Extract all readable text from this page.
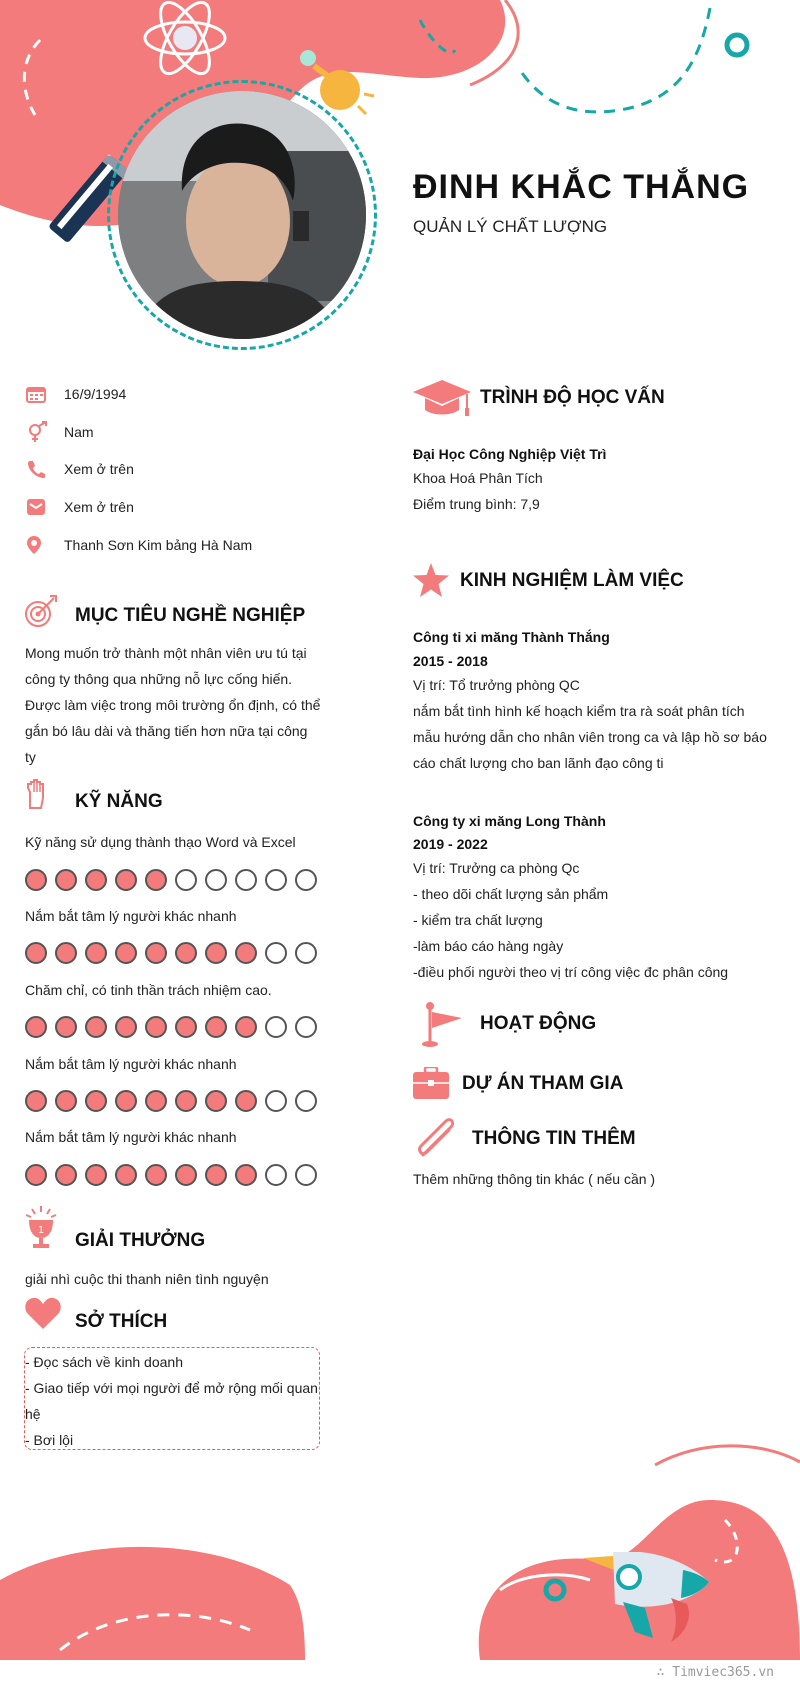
ĐINH KHẮC THẮNG
QUẢN LÝ CHẤT LƯỢNG
16/9/1994
Nam
Xem ở trên
Xem ở trên
Thanh Sơn Kim bảng Hà Nam
MỤC TIÊU NGHỀ NGHIỆP
Mong muốn trở thành một nhân viên ưu tú tại
công ty thông qua những nỗ lực cống hiến.
Được làm việc trong môi trường ổn định, có thể
gắn bó lâu dài và thăng tiến hơn nữa tại công
ty
KỸ NĂNG
Kỹ năng sử dụng thành thạo Word và Excel
Nắm bắt tâm lý người khác nhanh
Chăm chỉ, có tinh thần trách nhiệm cao.
Nắm bắt tâm lý người khác nhanh
Nắm bắt tâm lý người khác nhanh
1 GIẢI THƯỞNG
giải nhì cuộc thi thanh niên tình nguyện
SỞ THÍCH
- Đọc sách về kinh doanh
- Giao tiếp với mọi người để mở rộng mối quan
hệ
- Bơi lội
TRÌNH ĐỘ HỌC VẤN
Đại Học Công Nghiệp Việt Trì
Khoa Hoá Phân Tích
Điểm trung bình: 7,9
KINH NGHIỆM LÀM VIỆC
Công ti xi măng Thành Thắng
2015 - 2018
Vị trí: Tổ trưởng phòng QC
nắm bắt tình hình kế hoạch kiểm tra rà soát phân tích
mẫu hướng dẫn cho nhân viên trong ca và lập hồ sơ báo
cáo chất lượng cho ban lãnh đạo công ti
Công ty xi măng Long Thành
2019 - 2022
Vị trí: Trưởng ca phòng Qc
- theo dõi chất lượng sản phẩm
- kiểm tra chất lượng
-làm báo cáo hàng ngày
-điều phối người theo vị trí công việc đc phân công
HOẠT ĐỘNG
DỰ ÁN THAM GIA
THÔNG TIN THÊM
Thêm những thông tin khác ( nếu cần )
∴ Timviec365.vn
